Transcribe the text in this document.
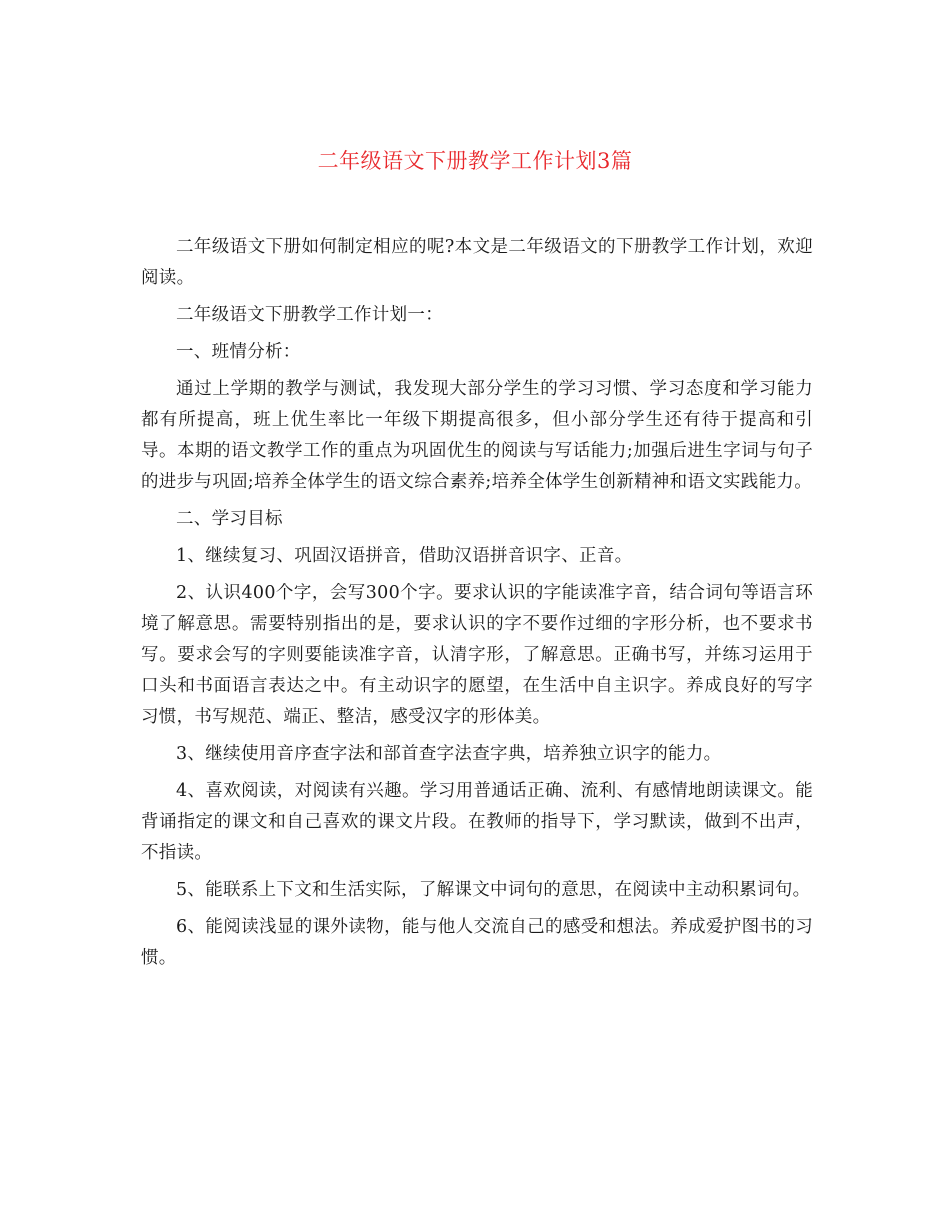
二年级语文下册教学工作计划3篇

二年级语文下册如何制定相应的呢?本文是二年级语文的下册教学工作计划，欢迎阅读。

二年级语文下册教学工作计划一：

一、班情分析：

通过上学期的教学与测试，我发现大部分学生的学习习惯、学习态度和学习能力都有所提高，班上优生率比一年级下期提高很多，但小部分学生还有待于提高和引导。本期的语文教学工作的重点为巩固优生的阅读与写话能力;加强后进生字词与句子的进步与巩固;培养全体学生的语文综合素养;培养全体学生创新精神和语文实践能力。

二、学习目标

1、继续复习、巩固汉语拼音，借助汉语拼音识字、正音。

2、认识400个字，会写300个字。要求认识的字能读准字音，结合词句等语言环境了解意思。需要特别指出的是，要求认识的字不要作过细的字形分析，也不要求书写。要求会写的字则要能读准字音，认清字形，了解意思。正确书写，并练习运用于口头和书面语言表达之中。有主动识字的愿望，在生活中自主识字。养成良好的写字习惯，书写规范、端正、整洁，感受汉字的形体美。

3、继续使用音序查字法和部首查字法查字典，培养独立识字的能力。

4、喜欢阅读，对阅读有兴趣。学习用普通话正确、流利、有感情地朗读课文。能背诵指定的课文和自己喜欢的课文片段。在教师的指导下，学习默读，做到不出声，不指读。

5、能联系上下文和生活实际，了解课文中词句的意思，在阅读中主动积累词句。

6、能阅读浅显的课外读物，能与他人交流自己的感受和想法。养成爱护图书的习惯。
